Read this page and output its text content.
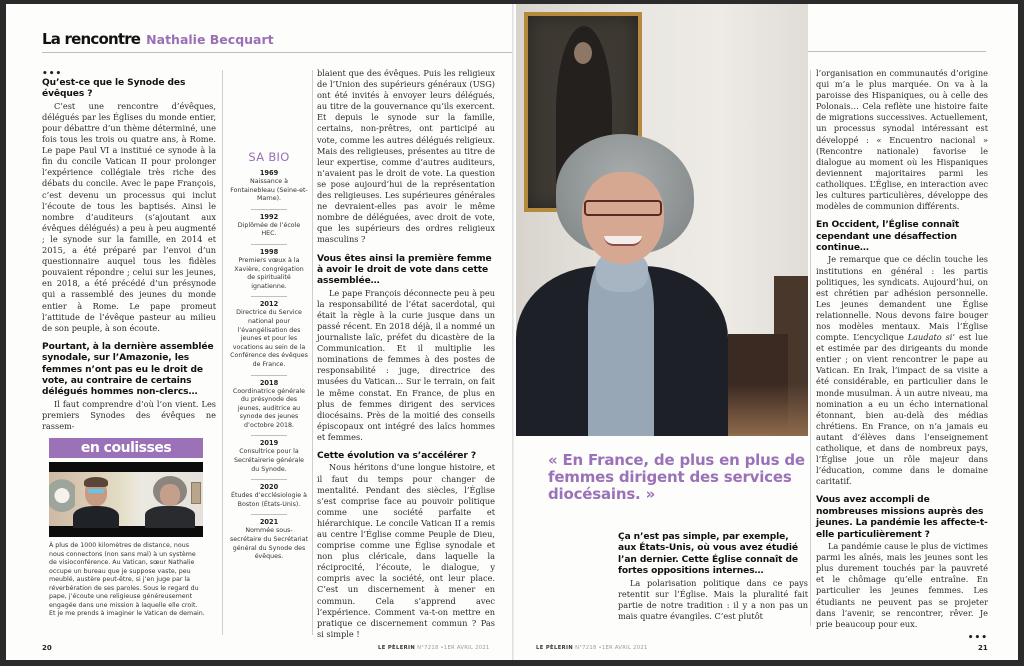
La rencontre Nathalie Becquart
•••
Qu’est-ce que le Synode des évêques ?

C’est une rencontre d’évêques, délégués par les Églises du monde entier, pour débattre d’un thème déterminé, une fois tous les trois ou quatre ans, à Rome. Le pape Paul VI a institué ce synode à la fin du concile Vatican II pour prolonger l’expérience collégiale très riche des débats du concile. Avec le pape François, c’est devenu un processus qui inclut l’écoute de tous les baptisés. Ainsi le nombre d’auditeurs (s’ajoutant aux évêques délégués) a peu à peu augmenté ; le synode sur la famille, en 2014 et 2015, a été préparé par l’envoi d’un questionnaire auquel tous les fidèles pouvaient répondre ; celui sur les jeunes, en 2018, a été précédé d’un présynode qui a rassemblé des jeunes du monde entier à Rome. Le pape promeut l’attitude de l’évêque pasteur au milieu de son peuple, à son écoute.

Pourtant, à la dernière assemblée synodale, sur l’Amazonie, les femmes n’ont pas eu le droit de vote, au contraire de certains délégués hommes non-clercs…

Il faut comprendre d’où l’on vient. Les premiers Synodes des évêques ne rassem-

en coulisses
À plus de 1000 kilomètres de distance, nous nous connectons (non sans mal) à un système de visioconférence. Au Vatican, sœur Nathalie occupe un bureau que je suppose vaste, peu meublé, austère peut-être, si j’en juge par la réverbération de ses paroles. Sous le regard du pape, j’écoute une religieuse généreusement engagée dans une mission à laquelle elle croit. Et je me prends à imaginer le Vatican de demain.
SA BIO
1969
Naissance à Fontainebleau (Seine-et-Marne).
1992
Diplômée de l’école HEC.
1998
Premiers vœux à la Xavière, congrégation de spiritualité ignatienne.
2012
Directrice du Service national pour l’évangélisation des jeunes et pour les vocations au sein de la Conférence des évêques de France.
2018
Coordinatrice générale du présynode des jeunes, auditrice au synode des jeunes d’octobre 2018.
2019
Consultrice pour la Secrétairerie générale du Synode.
2020
Études d’ecclésiologie à Boston (États-Unis).
2021
Nommée sous-secrétaire du Secrétariat général du Synode des évêques.

blaient que des évêques. Puis les religieux de l’Union des supérieurs généraux (USG) ont été invités à envoyer leurs délégués, au titre de la gouvernance qu’ils exercent. Et depuis le synode sur la famille, certains, non-prêtres, ont participé au vote, comme les autres délégués religieux. Mais des religieuses, présentes au titre de leur expertise, comme d’autres auditeurs, n’avaient pas le droit de vote. La question se pose aujourd’hui de la représentation des religieuses. Les supérieures générales ne devraient-elles pas avoir le même nombre de déléguées, avec droit de vote, que les supérieurs des ordres religieux masculins ?

Vous êtes ainsi la première femme à avoir le droit de vote dans cette assemblée…

Le pape François déconnecte peu à peu la responsabilité de l’état sacerdotal, qui était la règle à la curie jusque dans un passé récent. En 2018 déjà, il a nommé un journaliste laïc, préfet du dicastère de la Communication. Et il multiplie les nominations de femmes à des postes de responsabilité : juge, directrice des musées du Vatican… Sur le terrain, on fait le même constat. En France, de plus en plus de femmes dirigent des services diocésains. Près de la moitié des conseils épiscopaux ont intégré des laïcs hommes et femmes.

Cette évolution va s’accélérer ?

Nous héritons d’une longue histoire, et il faut du temps pour changer de mentalité. Pendant des siècles, l’Église s’est comprise face au pouvoir politique comme une société parfaite et hiérarchique. Le concile Vatican II a remis au centre l’Église comme Peuple de Dieu, comprise comme une Église synodale et non plus cléricale, dans laquelle la réciprocité, l’écoute, le dialogue, y compris avec la société, ont leur place. C’est un discernement à mener en commun. Cela s’apprend avec l’expérience. Comment va-t-on mettre en pratique ce discernement commun ? Pas si simple !

20	LE PÈLERIN N°7218 •1ER AVRIL 2021
« En France, de plus en plus de femmes dirigent des services diocésains. »
Ça n’est pas simple, par exemple, aux États-Unis, où vous avez étudié l’an dernier. Cette Église connaît de fortes oppositions internes…

La polarisation politique dans ce pays retentit sur l’Église. Mais la pluralité fait partie de notre tradition : il y a non pas un mais quatre évangiles. C’est plutôt

LE PÈLERIN N°7218 •1ER AVRIL 2021

l’organisation en communautés d’origine qui m’a le plus marquée. On va à la paroisse des Hispaniques, ou à celle des Polonais… Cela reflète une histoire faite de migrations successives. Actuellement, un processus synodal intéressant est développé : « Encuentro nacional » (Rencontre nationale) favorise le dialogue au moment où les Hispaniques deviennent majoritaires parmi les catholiques. L’Église, en interaction avec les cultures particulières, développe des modèles de communion différents.

En Occident, l’Église connaît cependant une désaffection continue…

Je remarque que ce déclin touche les institutions en général : les partis politiques, les syndicats. Aujourd’hui, on est chrétien par adhésion personnelle. Les jeunes demandent une Église relationnelle. Nous devons faire bouger nos modèles mentaux. Mais l’Église compte. L’encyclique Laudato si’ est lue et estimée par des dirigeants du monde entier ; on vient rencontrer le pape au Vatican. En Irak, l’impact de sa visite a été considérable, en particulier dans le monde musulman. À un autre niveau, ma nomination a eu un écho international étonnant, bien au-delà des médias chrétiens. En France, on n’a jamais eu autant d’élèves dans l’enseignement catholique, et dans de nombreux pays, l’Église joue un rôle majeur dans l’éducation, comme dans le domaine caritatif.

Vous avez accompli de nombreuses missions auprès des jeunes. La pandémie les affecte-t-elle particulièrement ?

La pandémie cause le plus de victimes parmi les aînés, mais les jeunes sont les plus durement touchés par la pauvreté et le chômage qu’elle entraîne. En particulier les jeunes femmes. Les étudiants ne peuvent pas se projeter dans l’avenir, se rencontrer, rêver. Je prie beaucoup pour eux.

•••
21
